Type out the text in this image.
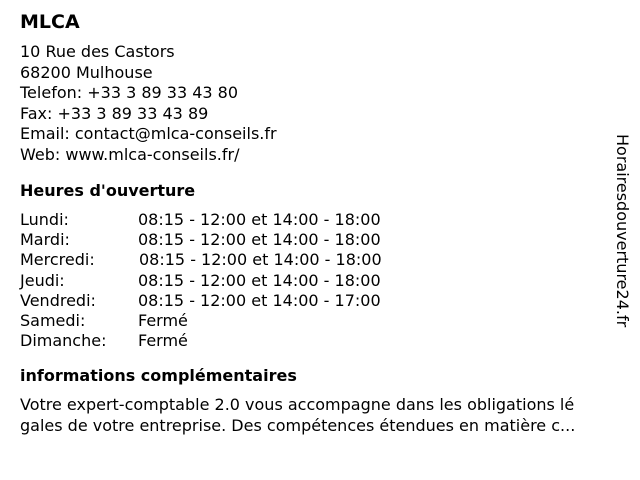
MLCA
10 Rue des Castors
68200 Mulhouse
Telefon: +33 3 89 33 43 80
Fax: +33 3 89 33 43 89
Email: contact@mlca-conseils.fr
Web: www.mlca-conseils.fr/
Heures d'ouverture
Lundi:	08:15 - 12:00 et 14:00 - 18:00
Mardi:	08:15 - 12:00 et 14:00 - 18:00
Mercredi:	08:15 - 12:00 et 14:00 - 18:00
Jeudi:	08:15 - 12:00 et 14:00 - 18:00
Vendredi:	08:15 - 12:00 et 14:00 - 17:00
Samedi:	Fermé
Dimanche: Fermé
informations complémentaires
Votre expert-comptable 2.0 vous accompagne dans les obligations lé
gales de votre entreprise. Des compétences étendues en matière c...
Horairesdouverture24.fr
